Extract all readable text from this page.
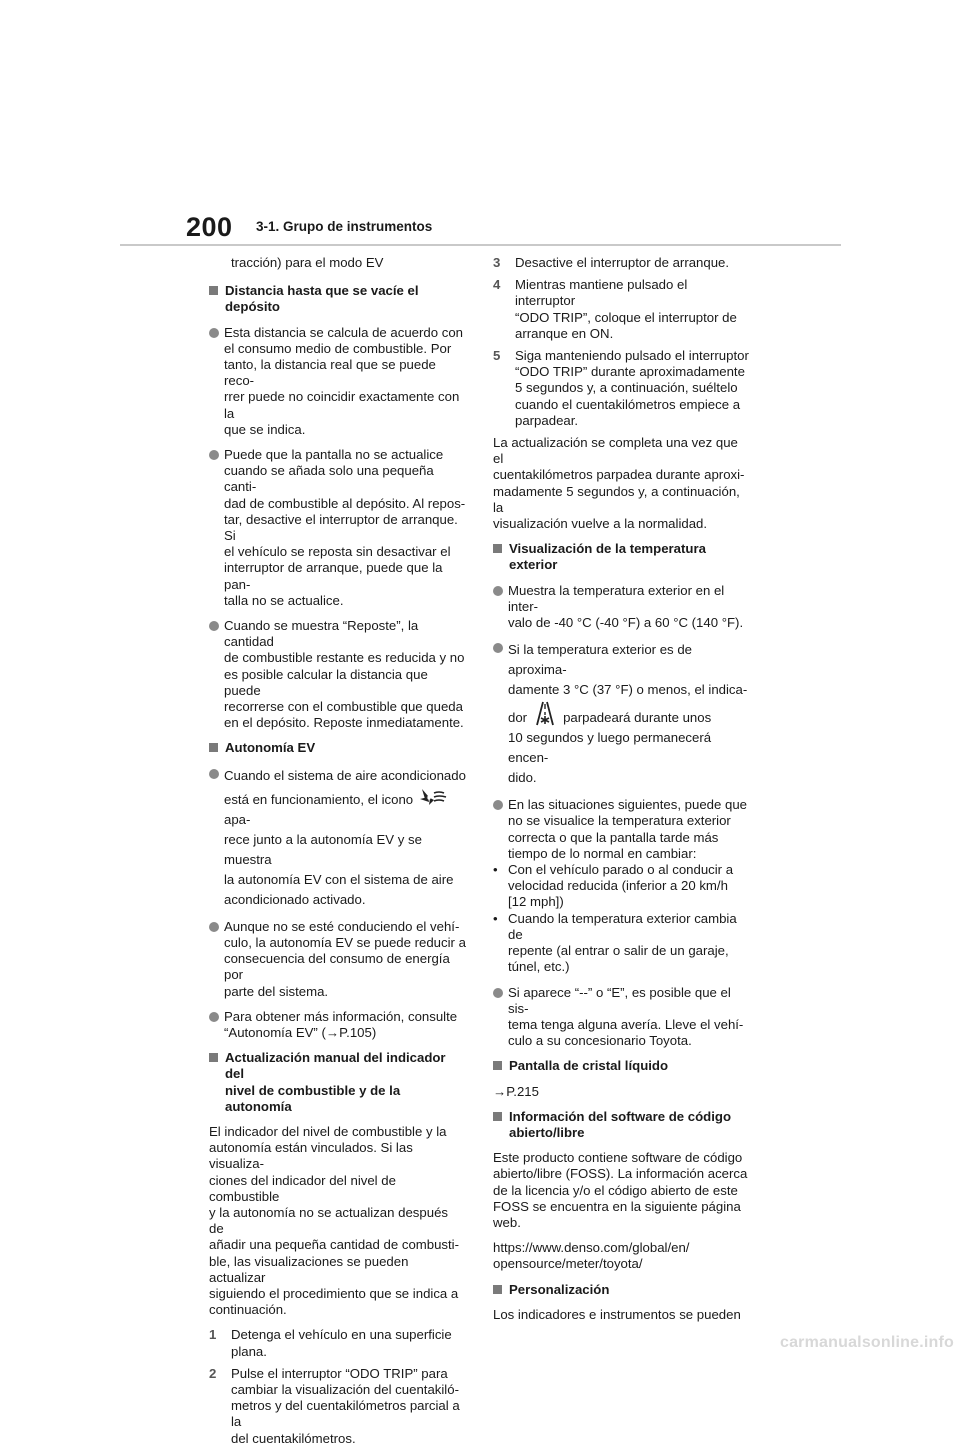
200 3-1. Grupo de instrumentos
tracción) para el modo EV
Distancia hasta que se vacíe el depósito
Esta distancia se calcula de acuerdo con
el consumo medio de combustible. Por
tanto, la distancia real que se puede reco-
rrer puede no coincidir exactamente con la
que se indica.
Puede que la pantalla no se actualice
cuando se añada solo una pequeña canti-
dad de combustible al depósito. Al repos-
tar, desactive el interruptor de arranque. Si
el vehículo se reposta sin desactivar el
interruptor de arranque, puede que la pan-
talla no se actualice.
Cuando se muestra “Reposte”, la cantidad
de combustible restante es reducida y no
es posible calcular la distancia que puede
recorrerse con el combustible que queda
en el depósito. Reposte inmediatamente.
Autonomía EV
Cuando el sistema de aire acondicionado
está en funcionamiento, el iconoapa-
rece junto a la autonomía EV y se muestra
la autonomía EV con el sistema de aire
acondicionado activado.
Aunque no se esté conduciendo el vehí-
culo, la autonomía EV se puede reducir a
consecuencia del consumo de energía por
parte del sistema.
Para obtener más información, consulte
“Autonomía EV” (→P.105)
Actualización manual del indicador del
nivel de combustible y de la autonomía
El indicador del nivel de combustible y la
autonomía están vinculados. Si las visualiza-
ciones del indicador del nivel de combustible
y la autonomía no se actualizan después de
añadir una pequeña cantidad de combusti-
ble, las visualizaciones se pueden actualizar
siguiendo el procedimiento que se indica a
continuación.
1 Detenga el vehículo en una superficie
plana.
2 Pulse el interruptor “ODO TRIP” para
cambiar la visualización del cuentakiló-
metros y del cuentakilómetros parcial a la
del cuentakilómetros.
3 Desactive el interruptor de arranque.
4 Mientras mantiene pulsado el interruptor
“ODO TRIP”, coloque el interruptor de
arranque en ON.
5 Siga manteniendo pulsado el interruptor
“ODO TRIP” durante aproximadamente
5 segundos y, a continuación, suéltelo
cuando el cuentakilómetros empiece a
parpadear.
La actualización se completa una vez que el
cuentakilómetros parpadea durante aproxi-
madamente 5 segundos y, a continuación, la
visualización vuelve a la normalidad.
Visualización de la temperatura exterior
Muestra la temperatura exterior en el inter-
valo de -40 °C (-40 °F) a 60 °C (140 °F).
Si la temperatura exterior es de aproxima-
damente 3 °C (37 °F) o menos, el indica-
dor	parpadeará durante unos
10 segundos y luego permanecerá encen-
dido.
En las situaciones siguientes, puede que
no se visualice la temperatura exterior
correcta o que la pantalla tarde más
tiempo de lo normal en cambiar:
• Con el vehículo parado o al conducir a
velocidad reducida (inferior a 20 km/h
[12 mph])
• Cuando la temperatura exterior cambia de
repente (al entrar o salir de un garaje,
túnel, etc.)
Si aparece “--” o “E”, es posible que el sis-
tema tenga alguna avería. Lleve el vehí-
culo a su concesionario Toyota.
Pantalla de cristal líquido
→P.215
Información del software de código
abierto/libre
Este producto contiene software de código
abierto/libre (FOSS). La información acerca
de la licencia y/o el código abierto de este
FOSS se encuentra en la siguiente página
web.
https://www.denso.com/global/en/
opensource/meter/toyota/
Personalización
Los indicadores e instrumentos se pueden
carmanualsonline.info
